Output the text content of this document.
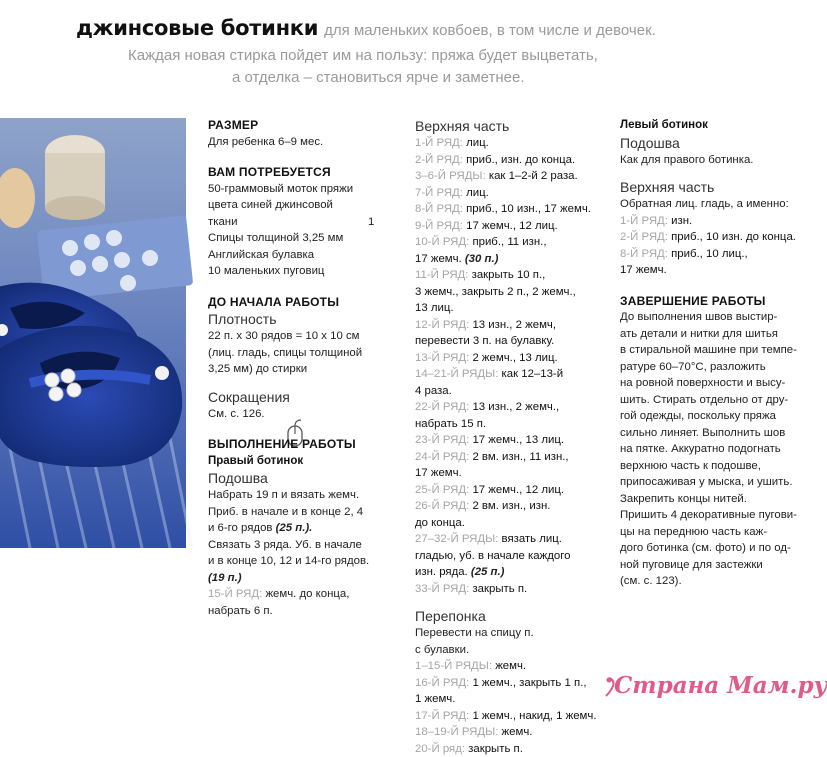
джинсовые ботинки для маленьких ковбоев, в том числе и девочек.
Каждая новая стирка пойдет им на пользу: пряжа будет выцветать,
а отделка – становиться ярче и заметнее.
РАЗМЕР
Для ребенка 6–9 мес.
ВАМ ПОТРЕБУЕТСЯ
50-граммовый моток пряжи
цвета синей джинсовой
ткани	1
Спицы толщиной 3,25 мм
Английская булавка
10 маленьких пуговиц
ДО НАЧАЛА РАБОТЫ
Плотность
22 п. х 30 рядов = 10 х 10 см
(лиц. гладь, спицы толщиной
3,25 мм) до стирки
Сокращения
См. с. 126.
ВЫПОЛНЕНИЕ РАБОТЫ
Правый ботинок
Подошва
Набрать 19 п и вязать жемч.
Приб. в начале и в конце 2, 4
и 6-го рядов (25 п.).
Связать 3 ряда. Уб. в начале
и в конце 10, 12 и 14-го рядов.
(19 п.)
15-Й РЯД: жемч. до конца,
набрать 6 п.
Верхняя часть
1-Й РЯД: лиц.
2-Й РЯД: приб., изн. до конца.
3–6-Й РЯДЫ: как 1–2-й 2 раза.
7-Й РЯД: лиц.
8-Й РЯД: приб., 10 изн., 17 жемч.
9-Й РЯД: 17 жемч., 12 лиц.
10-Й РЯД: приб., 11 изн.,
17 жемч. (30 п.)
11-Й РЯД: закрыть 10 п.,
3 жемч., закрыть 2 п., 2 жемч.,
13 лиц.
12-Й РЯД: 13 изн., 2 жемч,
перевести 3 п. на булавку.
13-Й РЯД: 2 жемч., 13 лиц.
14–21-Й РЯДЫ: как 12–13-й
4 раза.
22-Й РЯД: 13 изн., 2 жемч.,
набрать 15 п.
23-Й РЯД: 17 жемч., 13 лиц.
24-Й РЯД: 2 вм. изн., 11 изн.,
17 жемч.
25-Й РЯД: 17 жемч., 12 лиц.
26-Й РЯД: 2 вм. изн., изн.
до конца.
27–32-Й РЯДЫ: вязать лиц.
гладью, уб. в начале каждого
изн. ряда. (25 п.)
33-Й РЯД: закрыть п.
Перепонка
Перевести на спицу п.
с булавки.
1–15-Й РЯДЫ: жемч.
16-Й РЯД: 1 жемч., закрыть 1 п.,
1 жемч.
17-Й РЯД: 1 жемч., накид, 1 жемч.
18–19-Й РЯДЫ: жемч.
20-Й ряд: закрыть п.
Левый ботинок
Подошва
Как для правого ботинка.
Верхняя часть
Обратная лиц. гладь, а именно:
1-Й РЯД: изн.
2-Й РЯД: приб., 10 изн. до конца.
8-Й РЯД: приб., 10 лиц.,
17 жемч.
ЗАВЕРШЕНИЕ РАБОТЫ
До выполнения швов выстир-
ать детали и нитки для шитья
в стиральной машине при темпе-
ратуре 60–70°С, разложить
на ровной поверхности и высу-
шить. Стирать отдельно от дру-
гой одежды, поскольку пряжа
сильно линяет. Выполнить шов
на пятке. Аккуратно подогнать
верхнюю часть к подошве,
припосаживая у мыска, и ушить.
Закрепить концы нитей.
Пришить 4 декоративные пугови-
цы на переднюю часть каж-
дого ботинка (см. фото) и по од-
ной пуговице для застежки
(см. с. 123).
Страна Мам.ру
